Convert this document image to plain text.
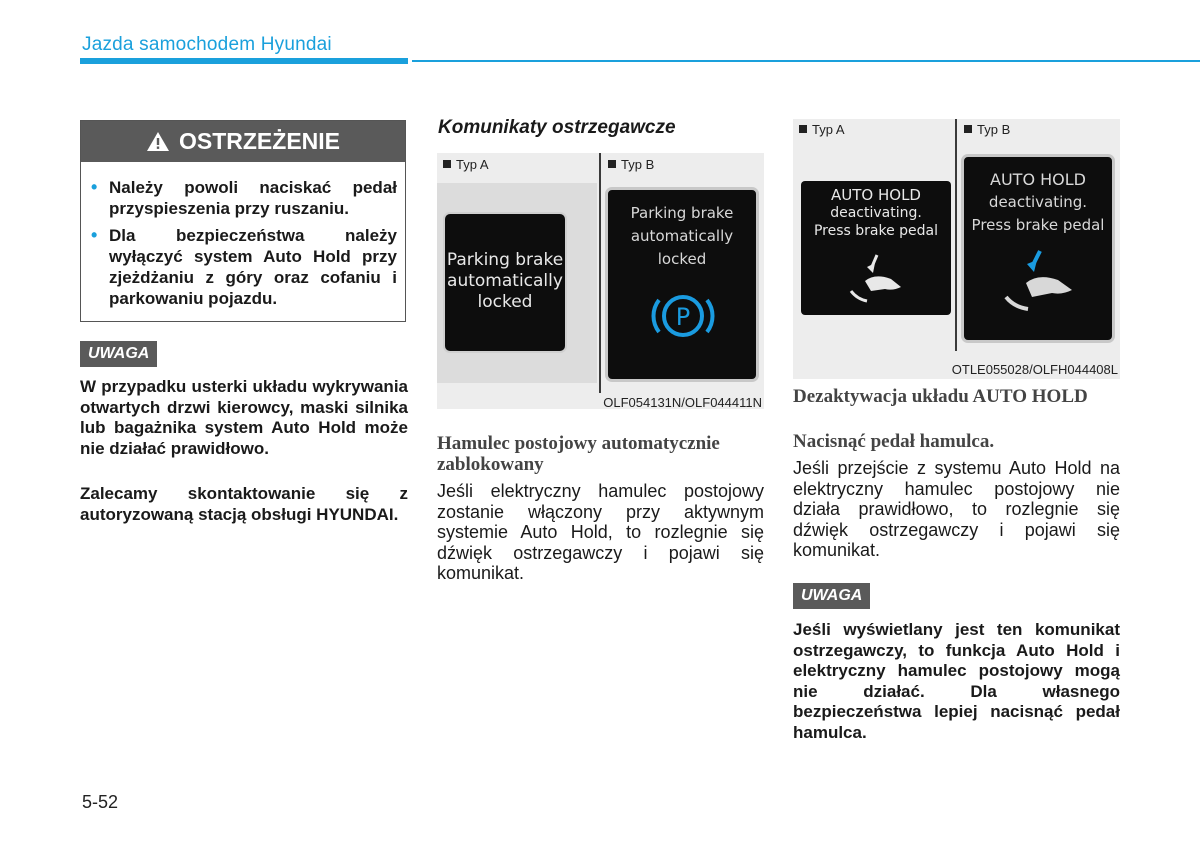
Jazda samochodem Hyundai
OSTRZEŻENIE
• Należy powoli naciskać pedał przyspieszenia przy ruszaniu.
• Dla bezpieczeństwa należy wyłączyć system Auto Hold przy zjeżdżaniu z góry oraz cofaniu i parkowaniu pojazdu.
UWAGA
W przypadku usterki układu wykrywania otwartych drzwi kierowcy, maski silnika lub bagażnika system Auto Hold może nie działać prawidłowo.
Zalecamy skontaktowanie się z autoryzowaną stacją obsługi HYUNDAI.
Komunikaty ostrzegawcze
Typ A	Typ B
Parking brake
automatically
locked
Parking brake
automatically
locked
P
OLF054131N/OLF044411N
Hamulec postojowy automatycznie zablokowany
Jeśli elektryczny hamulec postojowy zostanie włączony przy aktywnym systemie Auto Hold, to rozlegnie się dźwięk ostrzegawczy i pojawi się komunikat.
Typ A	Typ B
AUTO HOLD
deactivating.
Press brake pedal
AUTO HOLD
deactivating.
Press brake pedal
OTLE055028/OLFH044408L
Dezaktywacja układu AUTO HOLD
Nacisnąć pedał hamulca.
Jeśli przejście z systemu Auto Hold na elektryczny hamulec postojowy nie działa prawidłowo, to rozlegnie się dźwięk ostrzegawczy i pojawi się komunikat.
UWAGA
Jeśli wyświetlany jest ten komunikat ostrzegawczy, to funkcja Auto Hold i elektryczny hamulec postojowy mogą nie działać. Dla własnego bezpieczeństwa lepiej nacisnąć pedał hamulca.
5-52
